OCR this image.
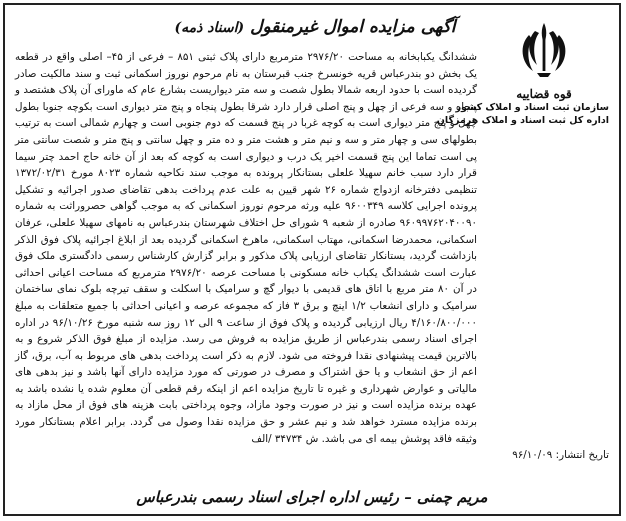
قوه قضاییه
سازمان ثبت اسناد و املاک کشور
اداره کل ثبت اسناد و املاک هرمزگان
آگهی مزایده اموال غیرمنقول (اسناد ذمه)

ششدانگ یکبابخانه به مساحت ۲۹۷۶/۲۰ مترمربع دارای پلاک ثبتی ۸۵۱ – فرعی از ۴۵– اصلی واقع در قطعه یک بخش دو بندرعباس قریه خونسرخ جنب قبرستان به نام مرحوم نوروز اسکمانی ثبت و سند مالکیت صادر گردیده است با حدود اربعه شمالا بطول شصت و سه متر دیواریست بشارع عام که ماورای آن پلاک هشتصد و پنجاه و سه فرعی از چهل و پنج اصلی قرار دارد شرقا بطول پنجاه و پنج متر دیواری است بکوچه جنوبا بطول چهل و پنج متر دیواری است به کوچه غربا در پنج قسمت که دوم جنوبی است و چهارم شمالی است به ترتیب بطولهای سی و چهار متر و سه و نیم متر و هشت متر و ده متر و چهل سانتی و پنج متر و شصت سانتی متر پی است تماما این پنج قسمت اخیر یک درب و دیواری است به کوچه که بعد از آن خانه حاج احمد چتر سیما قرار دارد سبب خانم سهیلا علعلی بستانکار پرونده به موجب سند نکاحیه شماره ۸۰۲۳ مورخ ۱۳۷۲/۰۲/۳۱ تنظیمی دفترخانه ازدواج شماره ۲۶ شهر قیین به علت عدم پرداخت بدهی تقاضای صدور اجرائیه و تشکیل پرونده اجرایی کلاسه ۹۶۰۰۳۴۹ علیه ورثه مرحوم نوروز اسکمانی که به موجب گواهی حصروراثت به شماره ۹۶۰۹۹۷۶۲۰۴۰۰۹۰ صادره از شعبه ۹ شورای حل اختلاف شهرستان بندرعباس به نامهای سهیلا علعلی، عرفان اسکمانی، محمدرضا اسکمانی، مهتاب اسکمانی، ماهرخ اسکمانی گردیده بعد از ابلاغ اجرائیه پلاک فوق الذکر بازداشت گردید، بستانکار تقاضای ارزیابی پلاک مذکور و برابر گزارش کارشناس رسمی دادگستری ملک فوق عبارت است ششدانگ یکباب خانه مسکونی با مساحت عرصه ۲۹۷۶/۲۰ مترمربع که مساحت اعیانی احداثی در آن ۸۰ متر مربع با اتاق های قدیمی با دیوار گچ و سرامیک با اسکلت و سقف تیرچه بلوک نمای ساختمان سرامیک و دارای انشعاب ۱/۲ اینچ و برق ۳ فاز که مجموعه عرصه و اعیانی احداثی با جمیع متعلقات به مبلغ ۴/۱۶۰/۸۰۰/۰۰۰ ریال ارزیابی گردیده و پلاک فوق از ساعت ۹ الی ۱۲ روز سه شنبه مورخ ۹۶/۱۰/۲۶ در اداره اجرای اسناد رسمی بندرعباس از طریق مزایده به فروش می رسد. مزایده از مبلغ فوق الذکر شروع و به بالاترین قیمت پیشنهادی نقدا فروخته می شود. لازم به ذکر است پرداخت بدهی های مربوط به آب، برق، گاز اعم از حق انشعاب و یا حق اشتراک و مصرف در صورتی که مورد مزایده دارای آنها باشد و نیز بدهی های مالیاتی و عوارض شهرداری و غیره تا تاریخ مزایده اعم از اینکه رقم قطعی آن معلوم شده یا نشده باشد به عهده برنده مزایده است و نیز در صورت وجود مازاد، وجوه پرداختی بابت هزینه های فوق از محل مازاد به برنده مزایده مسترد خواهد شد و نیم عشر و حق مزایده نقدا وصول می گردد. برابر اعلام بستانکار مورد وثیقه فاقد پوشش بیمه ای می باشد. ش ۳۴۷۳۴ /الف

تاریخ انتشار: ۹۶/۱۰/۰۹
مریم چمنی – رئیس اداره اجرای اسناد رسمی بندرعباس
